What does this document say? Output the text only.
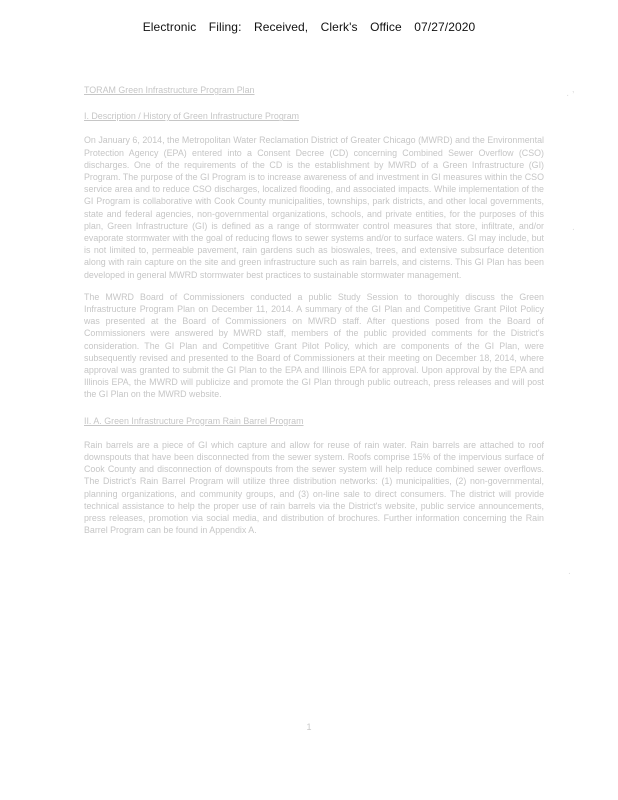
Electronic Filing: Received, Clerk's Office 07/27/2020
· ’
.
.

TORAM Green Infrastructure Program Plan

I. Description / History of Green Infrastructure Program

On January 6, 2014, the Metropolitan Water Reclamation District of Greater Chicago (MWRD) and the Environmental Protection Agency (EPA) entered into a Consent Decree (CD) concerning Combined Sewer Overflow (CSO) discharges. One of the requirements of the CD is the establishment by MWRD of a Green Infrastructure (GI) Program. The purpose of the GI Program is to increase awareness of and investment in GI measures within the CSO service area and to reduce CSO discharges, localized flooding, and associated impacts. While implementation of the GI Program is collaborative with Cook County municipalities, townships, park districts, and other local governments, state and federal agencies, non-governmental organizations, schools, and private entities, for the purposes of this plan, Green Infrastructure (GI) is defined as a range of stormwater control measures that store, infiltrate, and/or evaporate stormwater with the goal of reducing flows to sewer systems and/or to surface waters. GI may include, but is not limited to, permeable pavement, rain gardens such as bioswales, trees, and extensive subsurface detention along with rain capture on the site and green infrastructure such as rain barrels, and cisterns. This GI Plan has been developed in general MWRD stormwater best practices to sustainable stormwater management.

The MWRD Board of Commissioners conducted a public Study Session to thoroughly discuss the Green Infrastructure Program Plan on December 11, 2014. A summary of the GI Plan and Competitive Grant Pilot Policy was presented at the Board of Commissioners on MWRD staff. After questions posed from the Board of Commissioners were answered by MWRD staff, members of the public provided comments for the District's consideration. The GI Plan and Competitive Grant Pilot Policy, which are components of the GI Plan, were subsequently revised and presented to the Board of Commissioners at their meeting on December 18, 2014, where approval was granted to submit the GI Plan to the EPA and Illinois EPA for approval. Upon approval by the EPA and Illinois EPA, the MWRD will publicize and promote the GI Plan through public outreach, press releases and will post the GI Plan on the MWRD website.

II. A. Green Infrastructure Program Rain Barrel Program

Rain barrels are a piece of GI which capture and allow for reuse of rain water. Rain barrels are attached to roof downspouts that have been disconnected from the sewer system. Roofs comprise 15% of the impervious surface of Cook County and disconnection of downspouts from the sewer system will help reduce combined sewer overflows. The District's Rain Barrel Program will utilize three distribution networks: (1) municipalities, (2) non-governmental, planning organizations, and community groups, and (3) on-line sale to direct consumers. The district will provide technical assistance to help the proper use of rain barrels via the District's website, public service announcements, press releases, promotion via social media, and distribution of brochures. Further information concerning the Rain Barrel Program can be found in Appendix A.

1
